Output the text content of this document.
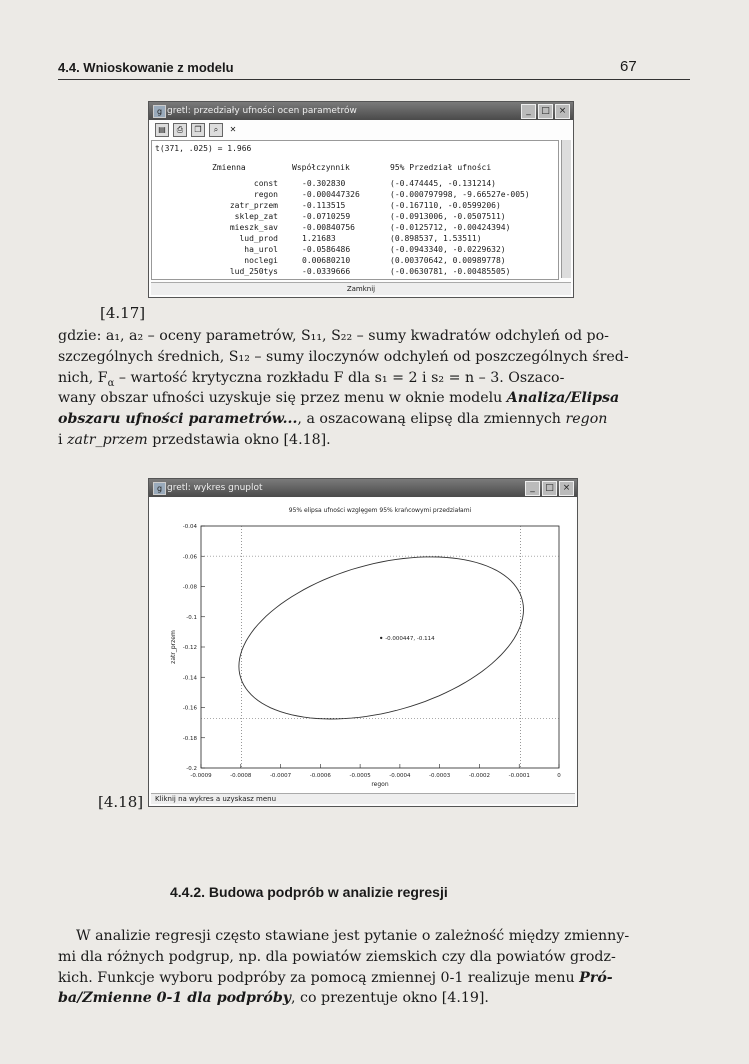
4.4. Wnioskowanie z modelu	67
g gretl: przedziały ufności ocen parametrów	_	□ ×
▤	⎙	❐	⌕	✕
t(371, .025) = 1.966
Zmienna	Współczynnik	95% Przedział ufności
const	-0.302830	(-0.474445, -0.131214)
regon	-0.000447326	(-0.000797998, -9.66527e-005)
zatr_przem	-0.113515	(-0.167110, -0.0599206)
sklep_zat	-0.0710259	(-0.0913006, -0.0507511)
mieszk_sav	-0.00840756	(-0.0125712, -0.00424394)
lud_prod	1.21683	(0.898537, 1.53511)
ha_urol	-0.0586486	(-0.0943340, -0.0229632)
noclegi	0.00680210	(0.00370642, 0.00989778)
lud_250tys	-0.0339666	(-0.0630781, -0.00485505)
Zamknij
[4.17]
gdzie: a₁, a₂ – oceny parametrów, S₁₁, S₂₂ – sumy kwadratów odchyleń od po-
szczególnych średnich, S₁₂ – sumy iloczynów odchyleń od poszczególnych śred-
nich, $F_\alpha$ – wartość krytyczna rozkładu F dla s₁ = 2 i s₂ = n – 3. Oszaco-
wany obszar ufności uzyskuje się przez menu w oknie modelu Analiza/Elipsa
obszaru ufności parametrów..., a oszacowaną elipsę dla zmiennych regon
i zatr_przem przedstawia okno [4.18].
g gretl: wykres gnuplot	_	□ ×
95% elipsa ufności wzglęgem 95% krańcowymi przedziałami
-0.04
-0.06
-0.08
-0.1
-0.12
-0.14
-0.16
-0.18
-0.2
-0.0009	-0.0008	-0.0007	-0.0006	-0.0005	-0.0004	-0.0003	-0.0002	-0.0001	0
regon
zatr_przem	-0.000447, -0.114
Kliknij na wykres a uzyskasz menu
[4.18]
4.4.2. Budowa podprób w analizie regresji
W analizie regresji często stawiane jest pytanie o zależność między zmienny-
mi dla różnych podgrup, np. dla powiatów ziemskich czy dla powiatów grodz-
kich. Funkcje wyboru podpróby za pomocą zmiennej 0-1 realizuje menu Pró-
ba/Zmienne 0-1 dla podpróby, co prezentuje okno [4.19].
